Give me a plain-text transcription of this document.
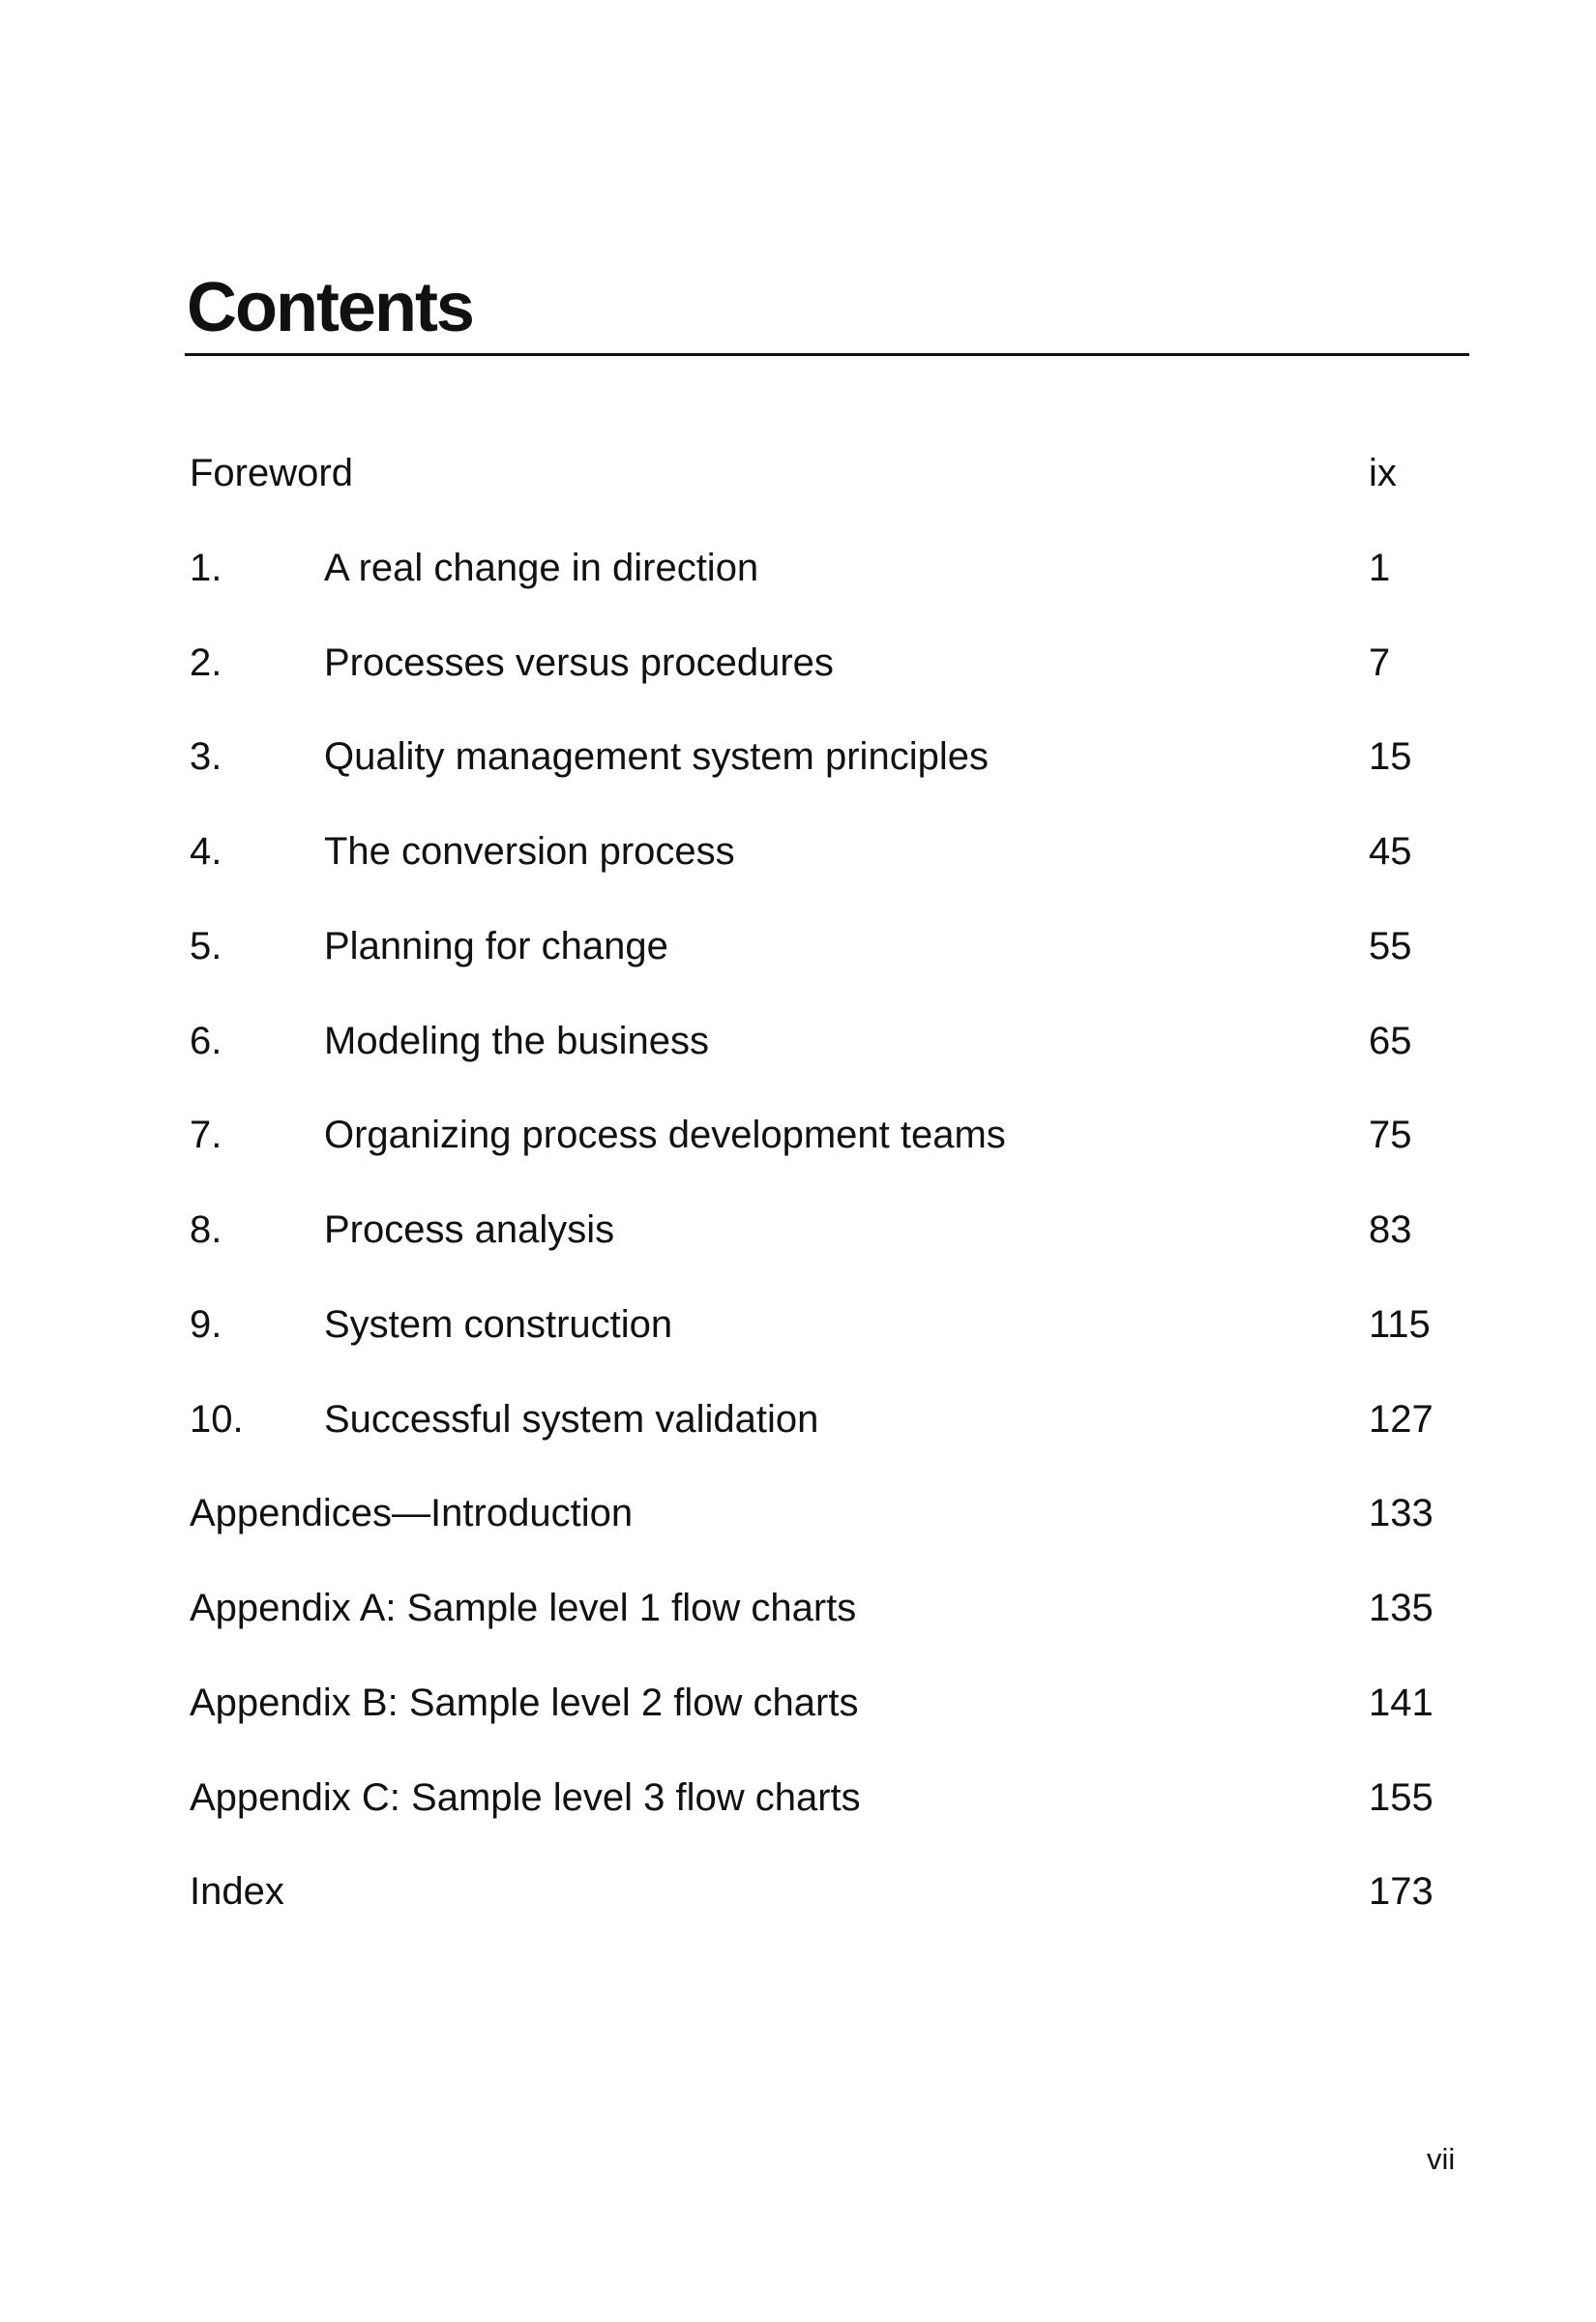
Contents
Foreword	ix
1.	A real change in direction	1
2.	Processes versus procedures	7
3.	Quality management system principles	15
4.	The conversion process	45
5.	Planning for change	55
6.	Modeling the business	65
7.	Organizing process development teams	75
8.	Process analysis	83
9.	System construction	115
10. Successful system validation	127
Appendices—Introduction	133
Appendix A: Sample level 1 flow charts	135
Appendix B: Sample level 2 flow charts	141
Appendix C: Sample level 3 flow charts	155
Index	173
vii
